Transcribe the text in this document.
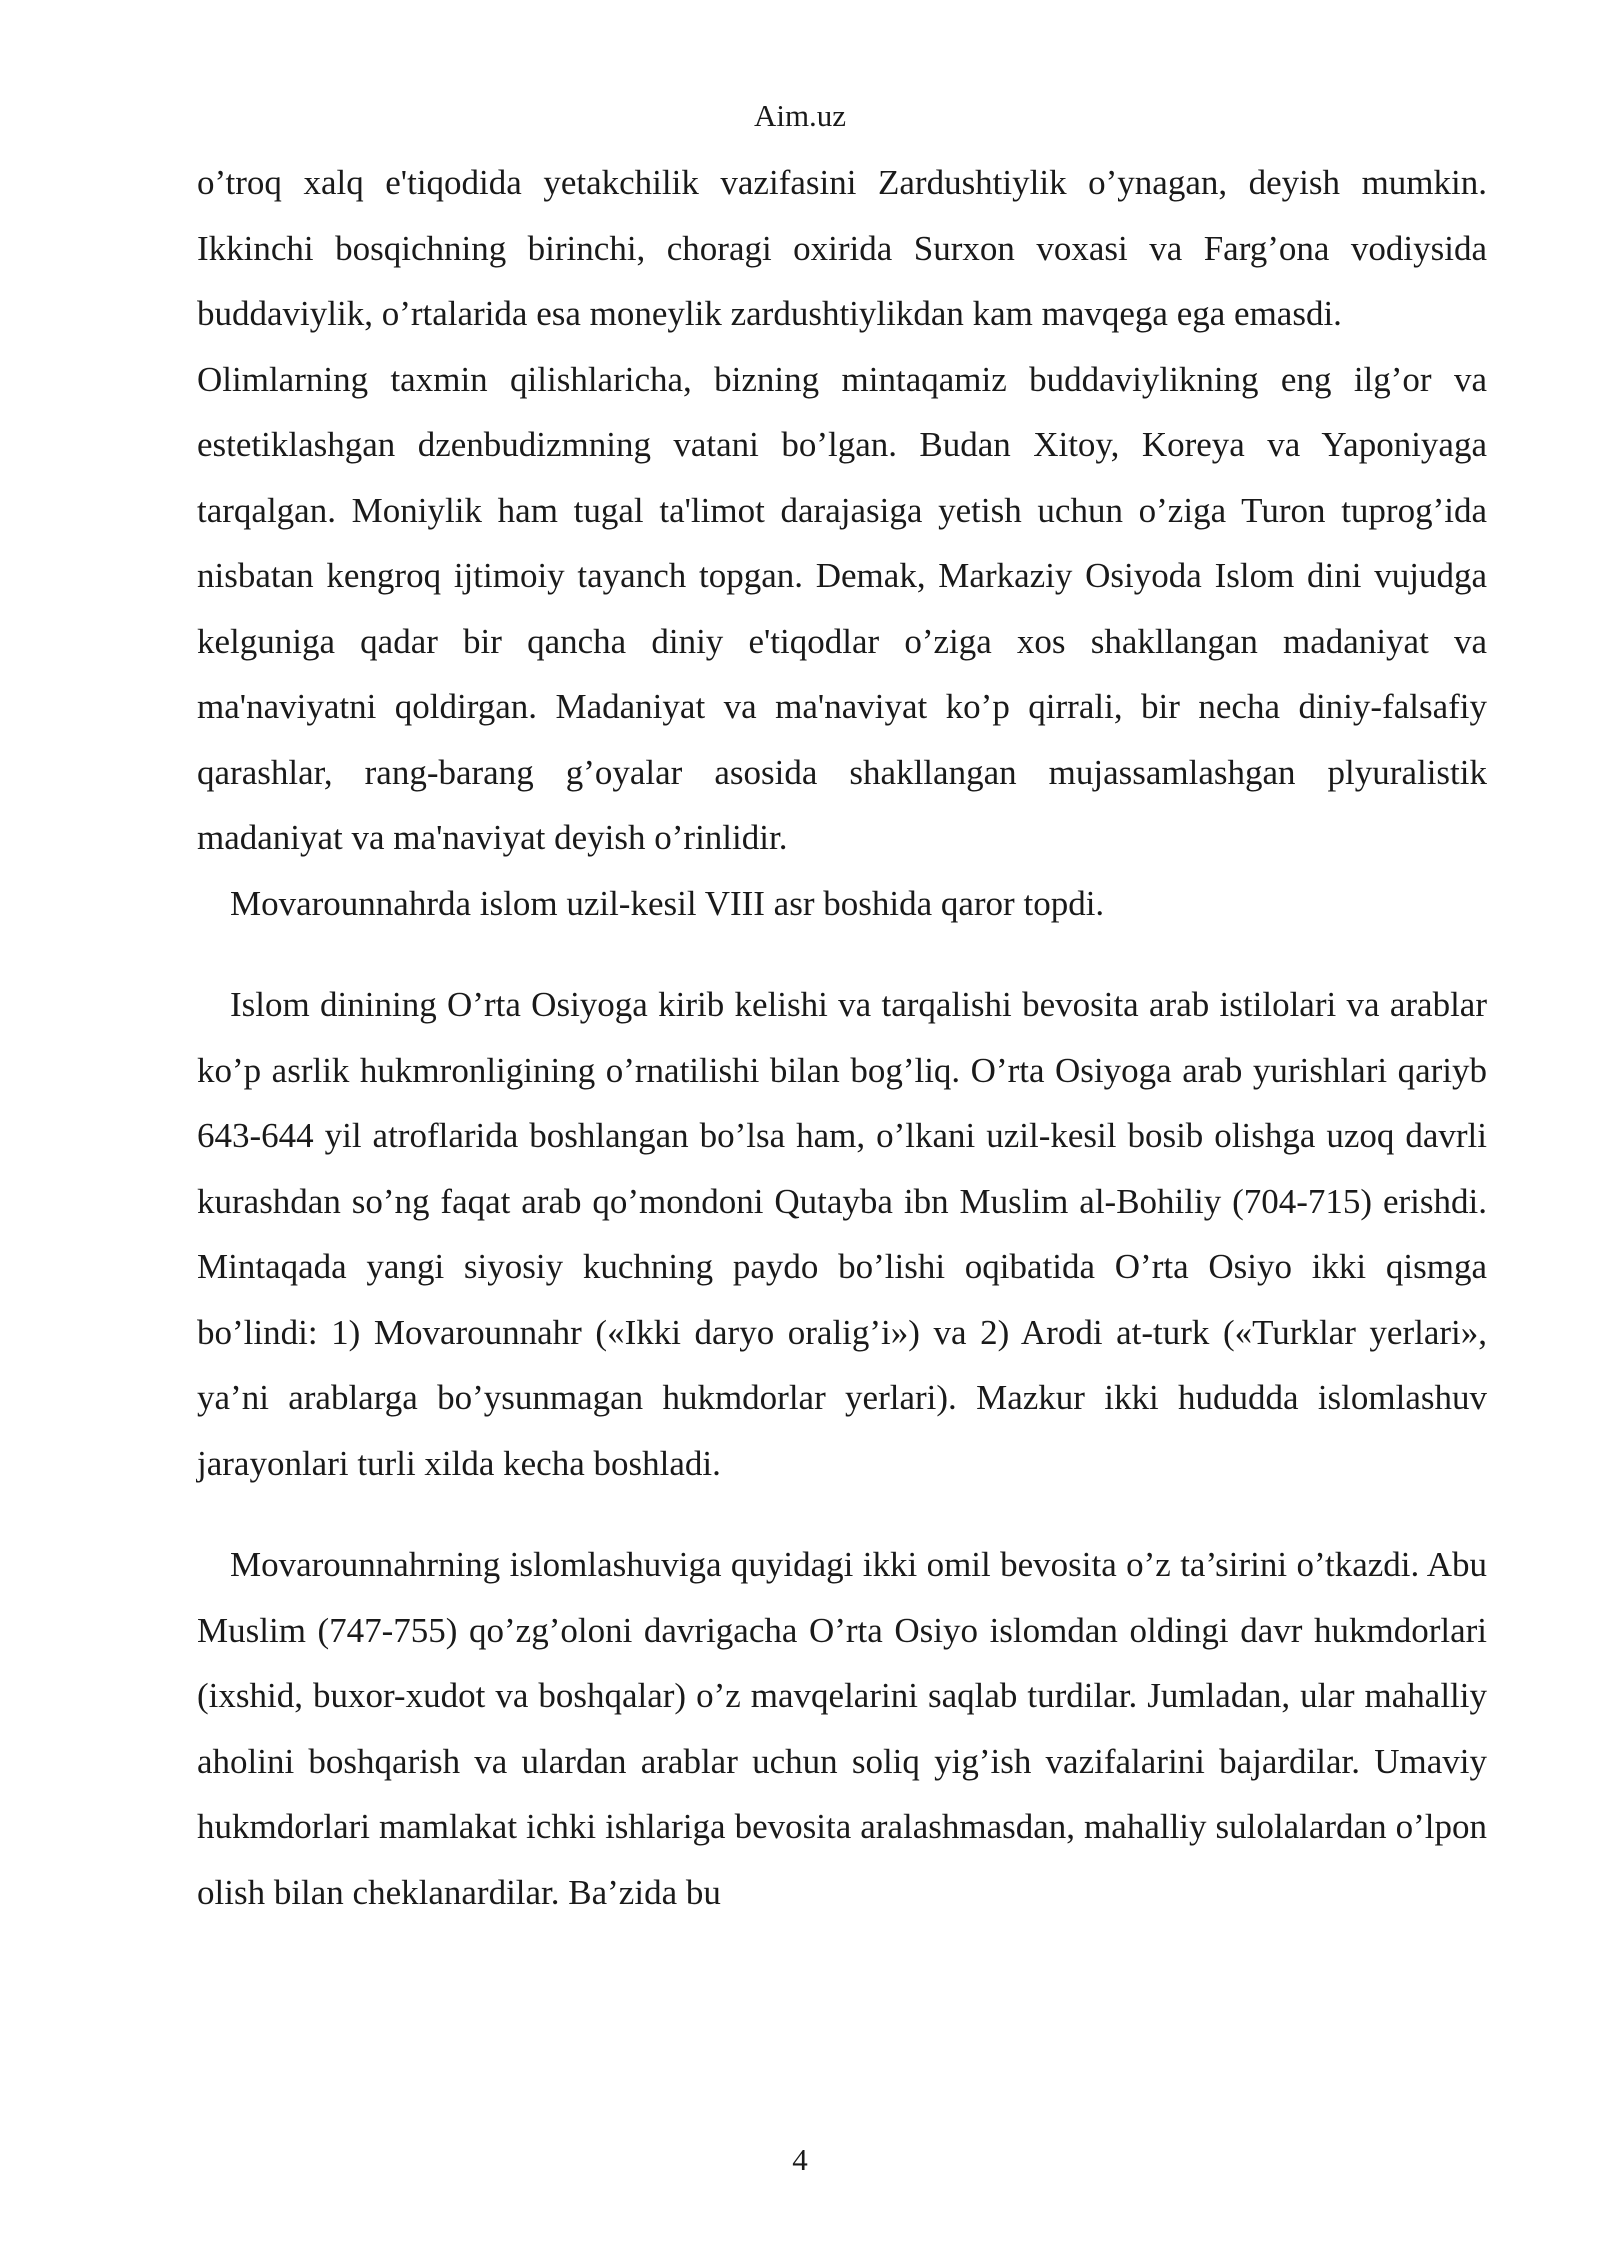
Aim.uz

o’troq xalq e'tiqodida yetakchilik vazifasini Zardushtiylik o’ynagan, deyish mumkin. Ikkinchi bosqichning birinchi, choragi oxirida Surxon voxasi va Farg’ona vodiysida buddaviylik, o’rtalarida esa moneylik zardushtiylikdan kam mavqega ega emasdi.

Olimlarning taxmin qilishlaricha, bizning mintaqamiz buddaviylikning eng ilg’or va estetiklashgan dzenbudizmning vatani bo’lgan. Budan Xitoy, Koreya va Yaponiyaga tarqalgan. Moniylik ham tugal ta'limot darajasiga yetish uchun o’ziga Turon tuprog’ida nisbatan kengroq ijtimoiy tayanch topgan. Demak, Markaziy Osiyoda Islom dini vujudga kelguniga qadar bir qancha diniy e'tiqodlar o’ziga xos shakllangan madaniyat va ma'naviyatni qoldirgan. Madaniyat va ma'naviyat ko’p qirrali, bir necha diniy-falsafiy qarashlar, rang-barang g’oyalar asosida shakllangan mujassamlashgan plyuralistik madaniyat va ma'naviyat deyish o’rinlidir.

Movarounnahrda islom uzil-kesil VIII asr boshida qaror topdi.

Islom dinining O’rta Osiyoga kirib kelishi va tarqalishi bevosita arab istilolari va arablar ko’p asrlik hukmronligining o’rnatilishi bilan bog’liq. O’rta Osiyoga arab yurishlari qariyb 643-644 yil atroflarida boshlangan bo’lsa ham, o’lkani uzil-kesil bosib olishga uzoq davrli kurashdan so’ng faqat arab qo’mondoni Qutayba ibn Muslim al-Bohiliy (704-715) erishdi. Mintaqada yangi siyosiy kuchning paydo bo’lishi oqibatida O’rta Osiyo ikki qismga bo’lindi: 1) Movarounnahr («Ikki daryo oralig’i») va 2) Arodi at-turk («Turklar yerlari», ya’ni arablarga bo’ysunmagan hukmdorlar yerlari). Mazkur ikki hududda islomlashuv jarayonlari turli xilda kecha boshladi.

Movarounnahrning islomlashuviga quyidagi ikki omil bevosita o’z ta’sirini o’tkazdi. Abu Muslim (747-755) qo’zg’oloni davrigacha O’rta Osiyo islomdan oldingi davr hukmdorlari (ixshid, buxor-xudot va boshqalar) o’z mavqelarini saqlab turdilar. Jumladan, ular mahalliy aholini boshqarish va ulardan arablar uchun soliq yig’ish vazifalarini bajardilar. Umaviy hukmdorlari mamlakat ichki ishlariga bevosita aralashmasdan, mahalliy sulolalardan o’lpon olish bilan cheklanardilar. Ba’zida bu

4
